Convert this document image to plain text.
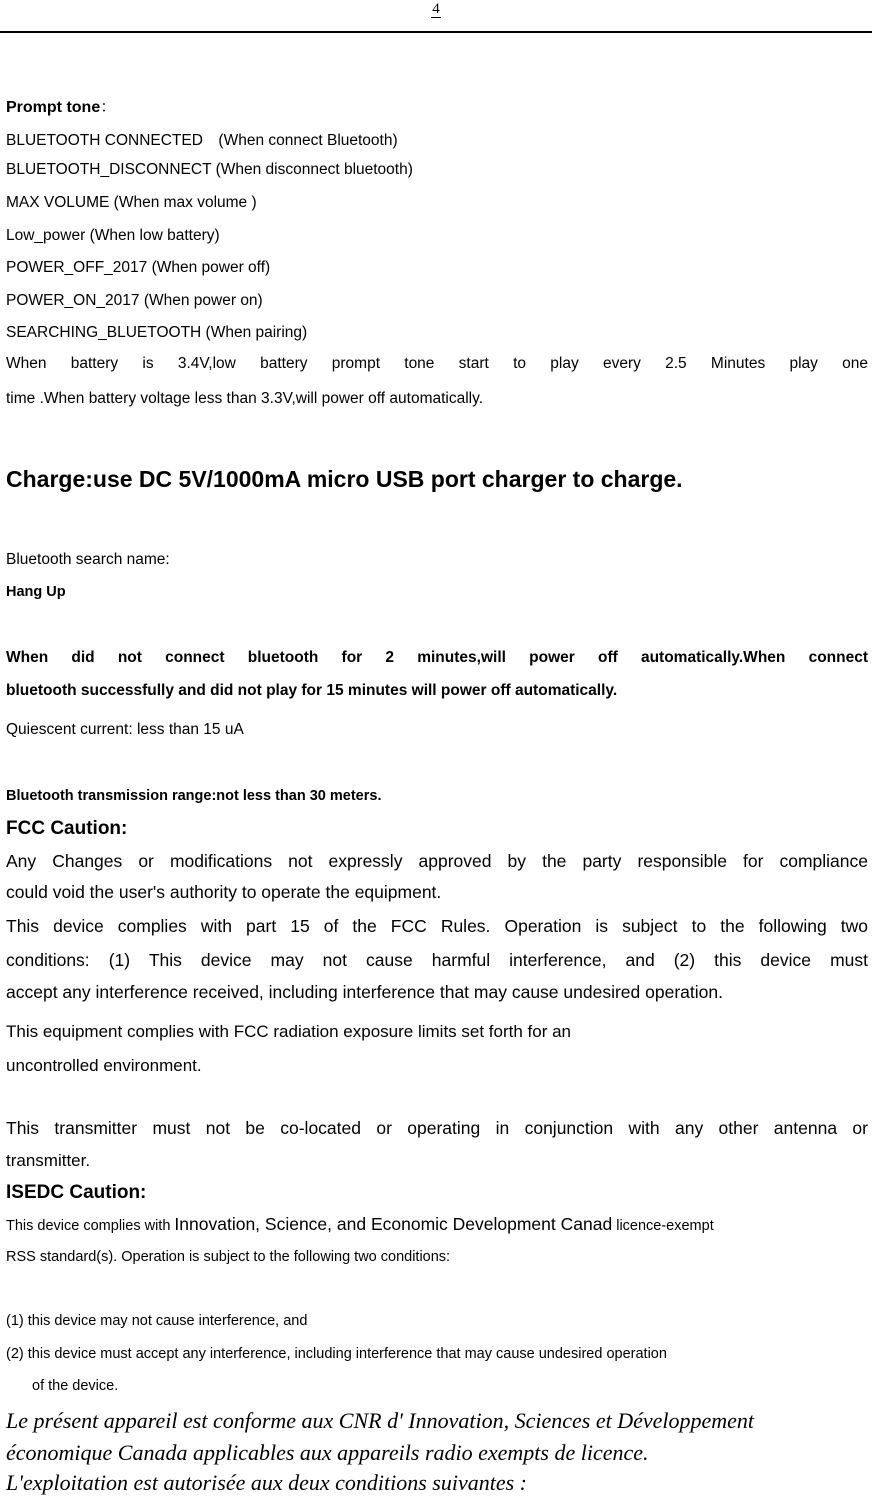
4
Prompt tone：
BLUETOOTH CONNECTED　(When connect Bluetooth)
BLUETOOTH_DISCONNECT (When disconnect bluetooth)
MAX VOLUME (When max volume )
Low_power (When low battery)
POWER_OFF_2017 (When power off)
POWER_ON_2017 (When power on)
SEARCHING_BLUETOOTH (When pairing)
When battery is 3.4V,low battery prompt tone start to play every 2.5 Minutes play one
time .When battery voltage less than 3.3V,will power off automatically.
Charge:use DC 5V/1000mA micro USB port charger to charge.
Bluetooth search name:
Hang Up
When did not connect bluetooth for 2 minutes,will power off automatically.When connect
bluetooth successfully and did not play for 15 minutes will power off automatically.
Quiescent current: less than 15 uA
Bluetooth transmission range:not less than 30 meters.
FCC Caution:
Any Changes or modifications not expressly approved by the party responsible for compliance
could void the user's authority to operate the equipment.
This device complies with part 15 of the FCC Rules. Operation is subject to the following two
conditions: (1) This device may not cause harmful interference, and (2) this device must
accept any interference received, including interference that may cause undesired operation.
This equipment complies with FCC radiation exposure limits set forth for an
uncontrolled environment.
This transmitter must not be co-located or operating in conjunction with any other antenna or
transmitter.
ISEDC Caution:
This device complies with Innovation, Science, and Economic Development Canad licence-exempt
RSS standard(s). Operation is subject to the following two conditions:
(1) this device may not cause interference, and
(2) this device must accept any interference, including interference that may cause undesired operation
of the device.
Le présent appareil est conforme aux CNR d' Innovation, Sciences et Développement
économique Canada applicables aux appareils radio exempts de licence.
L'exploitation est autorisée aux deux conditions suivantes :
